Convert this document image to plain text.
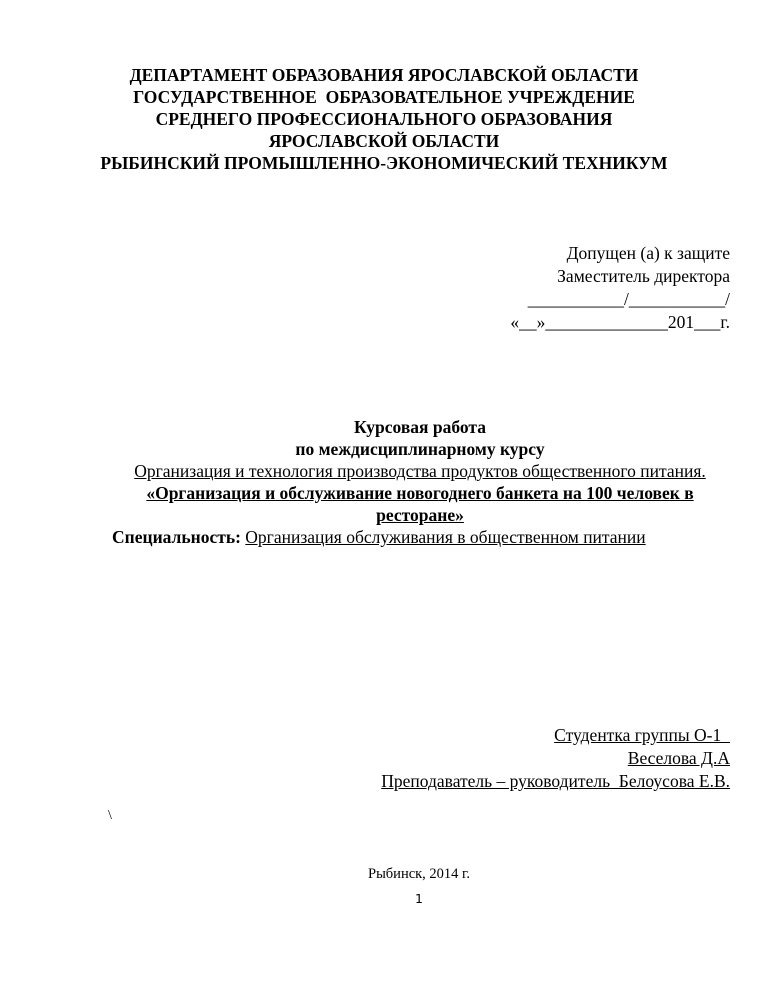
ДЕПАРТАМЕНТ ОБРАЗОВАНИЯ ЯРОСЛАВСКОЙ ОБЛАСТИ
ГОСУДАРСТВЕННОЕ  ОБРАЗОВАТЕЛЬНОЕ УЧРЕЖДЕНИЕ
СРЕДНЕГО ПРОФЕССИОНАЛЬНОГО ОБРАЗОВАНИЯ
ЯРОСЛАВСКОЙ ОБЛАСТИ
РЫБИНСКИЙ ПРОМЫШЛЕННО-ЭКОНОМИЧЕСКИЙ ТЕХНИКУМ
Допущен (а) к защите
Заместитель директора
___________/___________/
«__»______________201___г.
Курсовая работа
по междисциплинарному курсу
Организация и технология производства продуктов общественного питания.
«Организация и обслуживание новогоднего банкета на 100 человек в ресторане»
Специальность: Организация обслуживания в общественном питании
Студентка группы О-1
Веселова Д.А
Преподаватель – руководитель  Белоусова Е.В.
\
Рыбинск, 2014 г.
1
